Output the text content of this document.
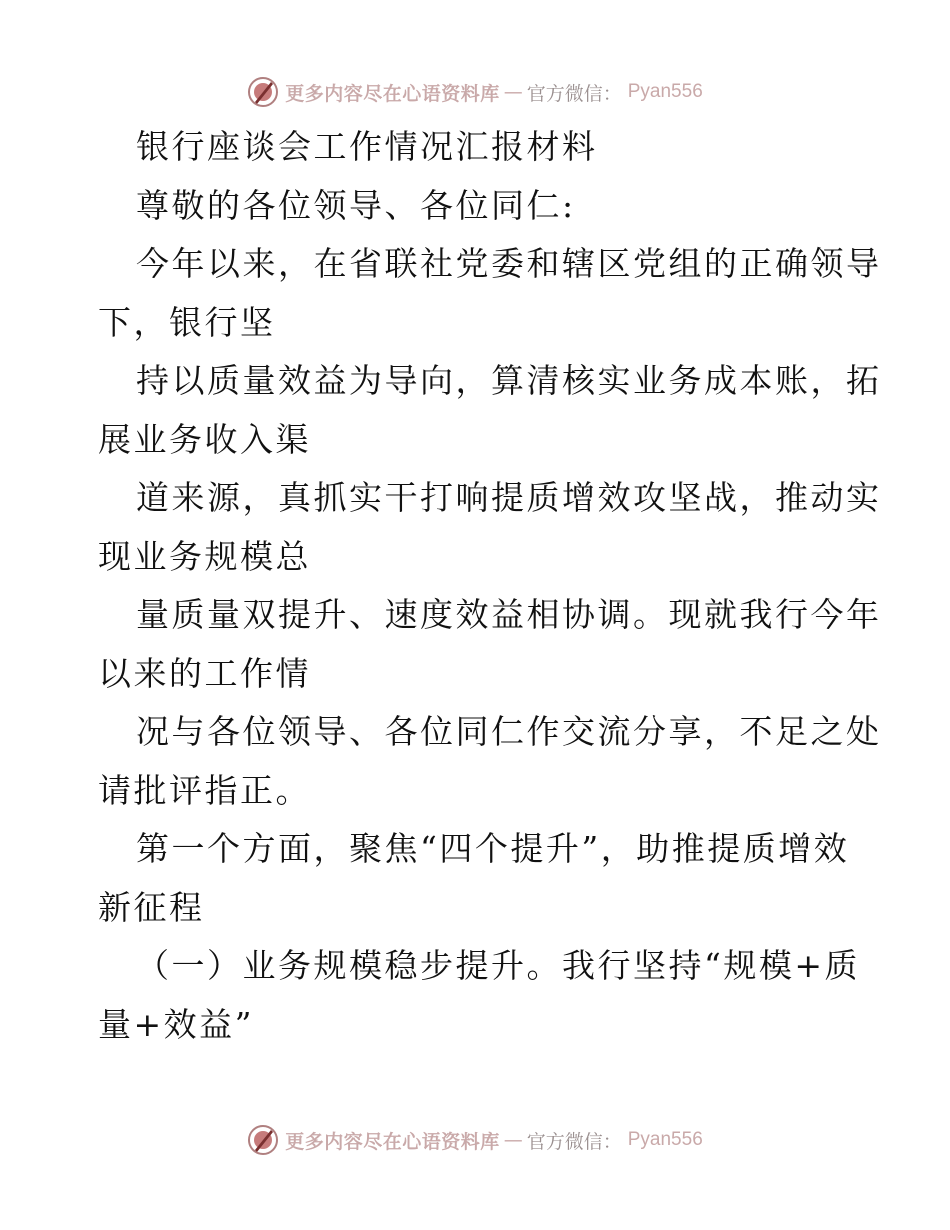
更多内容尽在心语资料库 — 官方微信： Pyan556

银行座谈会工作情况汇报材料

尊敬的各位领导、各位同仁:

今年以来，在省联社党委和辖区党组的正确领导

下，银行坚

持以质量效益为导向，算清核实业务成本账，拓

展业务收入渠

道来源，真抓实干打响提质增效攻坚战，推动实

现业务规模总

量质量双提升、速度效益相协调。现就我行今年

以来的工作情

况与各位领导、各位同仁作交流分享，不足之处

请批评指正。

第一个方面，聚焦“四个提升”，助推提质增效

新征程

（一）业务规模稳步提升。我行坚持“规模+质

量+效益”

更多内容尽在心语资料库 — 官方微信： Pyan556
